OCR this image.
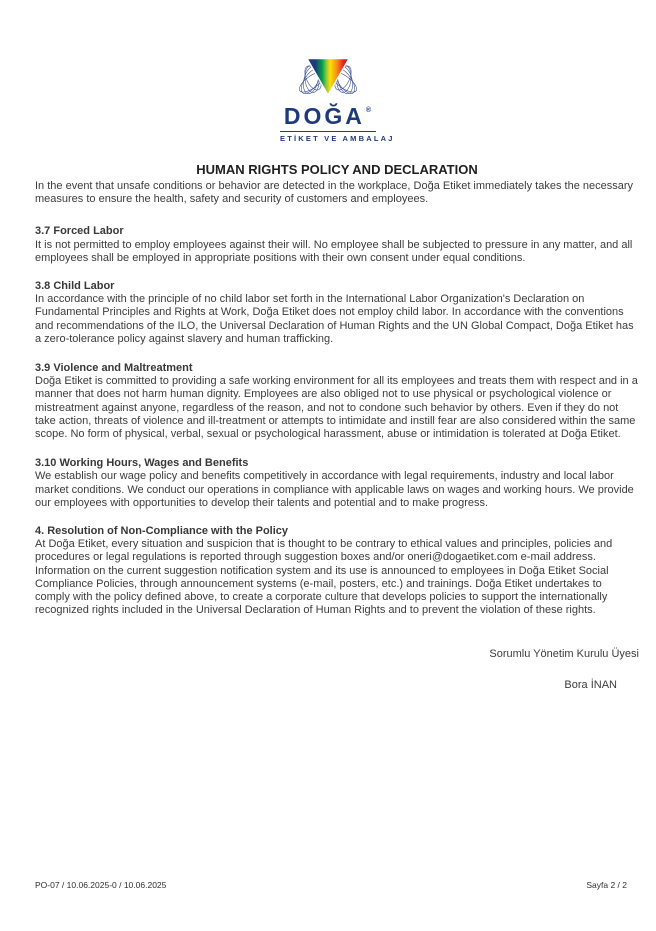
DOĞA®
ETİKET VE AMBALAJ
HUMAN RIGHTS POLICY AND DECLARATION

In the event that unsafe conditions or behavior are detected in the workplace, Doğa Etiket immediately takes the necessary measures to ensure the health, safety and security of customers and employees.

3.7 Forced Labor

It is not permitted to employ employees against their will. No employee shall be subjected to pressure in any matter, and all employees shall be employed in appropriate positions with their own consent under equal conditions.

3.8 Child Labor

In accordance with the principle of no child labor set forth in the International Labor Organization's Declaration on Fundamental Principles and Rights at Work, Doğa Etiket does not employ child labor. In accordance with the conventions and recommendations of the ILO, the Universal Declaration of Human Rights and the UN Global Compact, Doğa Etiket has a zero-tolerance policy against slavery and human trafficking.

3.9 Violence and Maltreatment

Doğa Etiket is committed to providing a safe working environment for all its employees and treats them with respect and in a manner that does not harm human dignity. Employees are also obliged not to use physical or psychological violence or mistreatment against anyone, regardless of the reason, and not to condone such behavior by others. Even if they do not take action, threats of violence and ill-treatment or attempts to intimidate and instill fear are also considered within the same scope. No form of physical, verbal, sexual or psychological harassment, abuse or intimidation is tolerated at Doğa Etiket.

3.10 Working Hours, Wages and Benefits

We establish our wage policy and benefits competitively in accordance with legal requirements, industry and local labor market conditions. We conduct our operations in compliance with applicable laws on wages and working hours. We provide our employees with opportunities to develop their talents and potential and to make progress.

4. Resolution of Non-Compliance with the Policy

At Doğa Etiket, every situation and suspicion that is thought to be contrary to ethical values and principles, policies and procedures or legal regulations is reported through suggestion boxes and/or oneri@dogaetiket.com e-mail address. Information on the current suggestion notification system and its use is announced to employees in Doğa Etiket Social Compliance Policies, through announcement systems (e-mail, posters, etc.) and trainings. Doğa Etiket undertakes to comply with the policy defined above, to create a corporate culture that develops policies to support the internationally recognized rights included in the Universal Declaration of Human Rights and to prevent the violation of these rights.

Sorumlu Yönetim Kurulu Üyesi

Bora İNAN

PO-07 / 10.06.2025-0 / 10.06.2025	Sayfa 2 / 2
